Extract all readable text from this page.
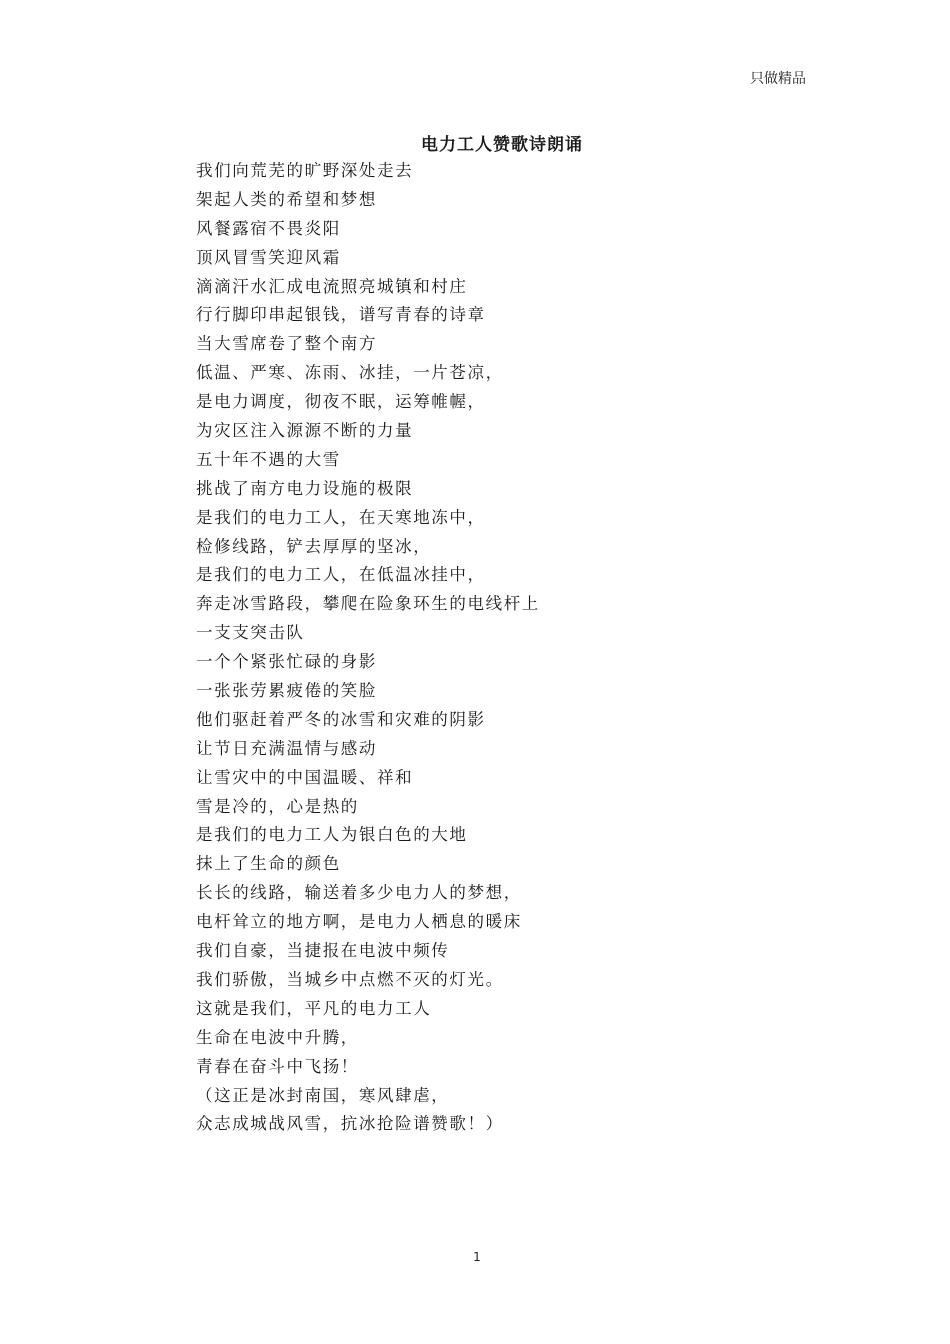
只做精品
电力工人赞歌诗朗诵
我们向荒芜的旷野深处走去
架起人类的希望和梦想
风餐露宿不畏炎阳
顶风冒雪笑迎风霜
滴滴汗水汇成电流照亮城镇和村庄
行行脚印串起银钱，谱写青春的诗章
当大雪席卷了整个南方
低温、严寒、冻雨、冰挂，一片苍凉，
是电力调度，彻夜不眠，运筹帷幄，
为灾区注入源源不断的力量
五十年不遇的大雪
挑战了南方电力设施的极限
是我们的电力工人，在天寒地冻中，
检修线路，铲去厚厚的坚冰，
是我们的电力工人，在低温冰挂中，
奔走冰雪路段，攀爬在险象环生的电线杆上
一支支突击队
一个个紧张忙碌的身影
一张张劳累疲倦的笑脸
他们驱赶着严冬的冰雪和灾难的阴影
让节日充满温情与感动
让雪灾中的中国温暖、祥和
雪是冷的，心是热的
是我们的电力工人为银白色的大地
抹上了生命的颜色
长长的线路，输送着多少电力人的梦想，
电杆耸立的地方啊，是电力人栖息的暖床
我们自豪，当捷报在电波中频传
我们骄傲，当城乡中点燃不灭的灯光。
这就是我们，平凡的电力工人
生命在电波中升腾，
青春在奋斗中飞扬！
（这正是冰封南国，寒风肆虐，
众志成城战风雪，抗冰抢险谱赞歌！）
1
